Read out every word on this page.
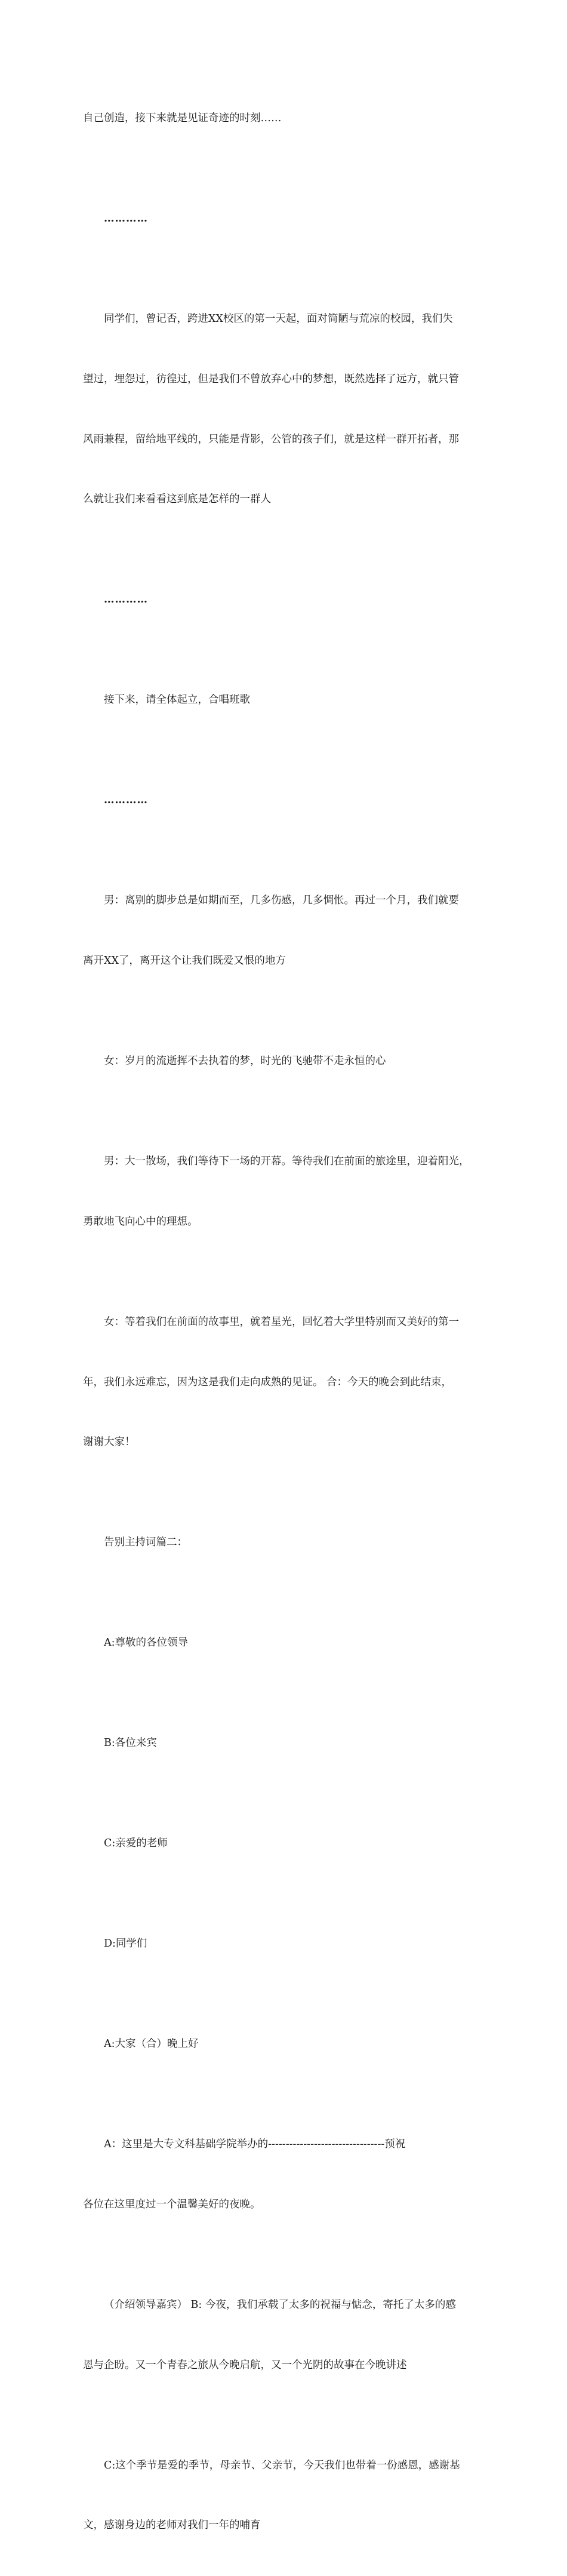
自己创造，接下来就是见证奇迹的时刻……

…………

同学们，曾记否，跨进XX校区的第一天起，面对简陋与荒凉的校园，我们失

望过，埋怨过，彷徨过，但是我们不曾放弃心中的梦想，既然选择了远方，就只管

风雨兼程，留给地平线的，只能是背影，公管的孩子们，就是这样一群开拓者，那

么就让我们来看看这到底是怎样的一群人

…………

接下来，请全体起立，合唱班歌

…………

男：离别的脚步总是如期而至，几多伤感，几多惆怅。再过一个月，我们就要

离开XX了，离开这个让我们既爱又恨的地方

女：岁月的流逝挥不去执着的梦，时光的飞驰带不走永恒的心

男：大一散场，我们等待下一场的开幕。等待我们在前面的旅途里，迎着阳光，

勇敢地飞向心中的理想。

女：等着我们在前面的故事里，就着星光，回忆着大学里特别而又美好的第一

年，我们永远难忘，因为这是我们走向成熟的见证。 合：今天的晚会到此结束，

谢谢大家！

告别主持词篇二：

A:尊敬的各位领导

B:各位来宾

C:亲爱的老师

D:同学们

A:大家（合）晚上好

A：这里是大专文科基础学院举办的---------------------------------预祝

各位在这里度过一个温馨美好的夜晚。

（介绍领导嘉宾） B: 今夜，我们承载了太多的祝福与惦念，寄托了太多的感

恩与企盼。又一个青春之旅从今晚启航，又一个光阴的故事在今晚讲述

C:这个季节是爱的季节，母亲节、父亲节，今天我们也带着一份感恩，感谢基

文，感谢身边的老师对我们一年的哺育
